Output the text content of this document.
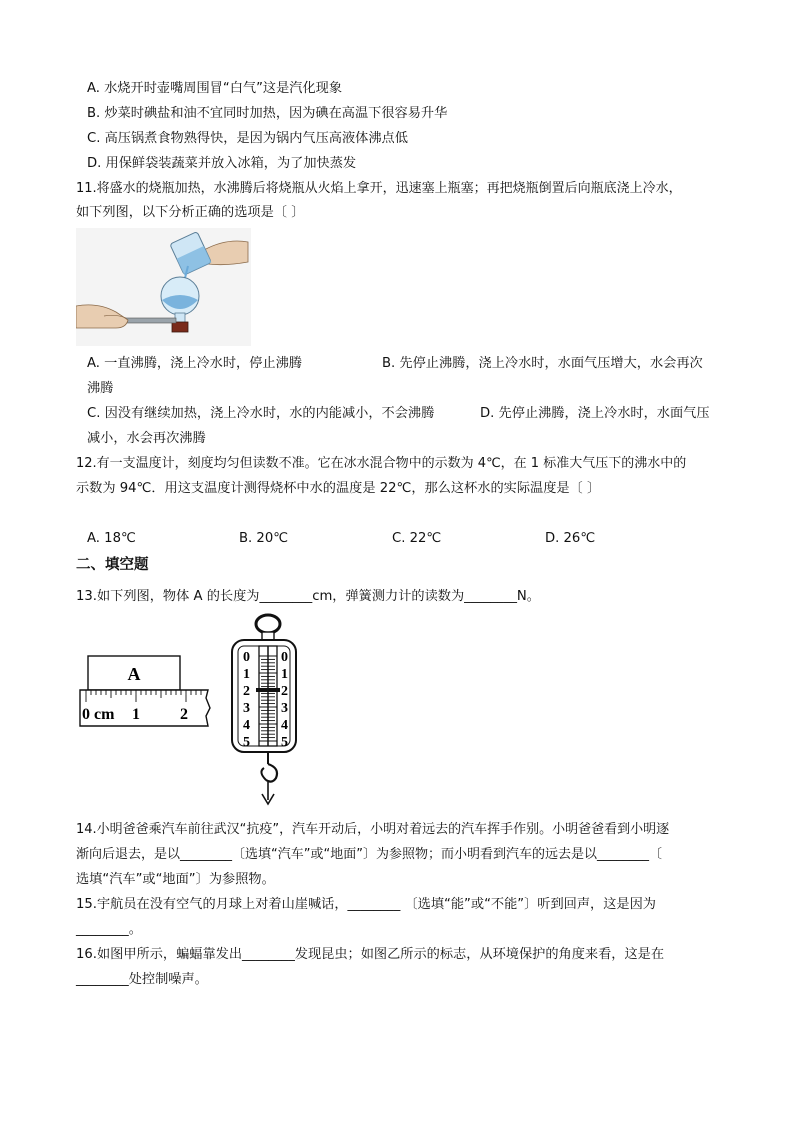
A. 水烧开时壶嘴周围冒“白气”这是汽化现象
B. 炒菜时碘盐和油不宜同时加热，因为碘在高温下很容易升华
C. 高压锅煮食物熟得快，是因为锅内气压高液体沸点低
D. 用保鲜袋装蔬菜并放入冰箱，为了加快蒸发
11.将盛水的烧瓶加热，水沸腾后将烧瓶从火焰上拿开，迅速塞上瓶塞；再把烧瓶倒置后向瓶底浇上冷水，
如下列图，以下分析正确的选项是〔 〕
A. 一直沸腾，浇上冷水时，停止沸腾	B. 先停止沸腾，浇上冷水时，水面气压增大，水会再次
沸腾
C. 因没有继续加热，浇上冷水时，水的内能减小，不会沸腾	D. 先停止沸腾，浇上冷水时，水面气压
减小，水会再次沸腾
12.有一支温度计，刻度均匀但读数不准。它在冰水混合物中的示数为 4℃，在 1 标准大气压下的沸水中的
示数为 94℃．用这支温度计测得烧杯中水的温度是 22℃，那么这杯水的实际温度是〔 〕
A. 18℃	B. 20℃	C. 22℃	D. 26℃
二、填空题
13.如下列图，物体 A 的长度为________cm，弹簧测力计的读数为________N。
A
0 cm 1	2
0
1
2
3
4
5
0
1
2
3
4
5
14.小明爸爸乘汽车前往武汉“抗疫”，汽车开动后，小明对着远去的汽车挥手作别。小明爸爸看到小明逐
渐向后退去，是以________〔选填“汽车”或“地面”〕为参照物；而小明看到汽车的远去是以________〔
选填“汽车”或“地面”〕为参照物。
15.宇航员在没有空气的月球上对着山崖喊话，________ 〔选填“能”或“不能”〕听到回声，这是因为
________。
16.如图甲所示，蝙蝠靠发出________发现昆虫；如图乙所示的标志，从环境保护的角度来看，这是在
________处控制噪声。
